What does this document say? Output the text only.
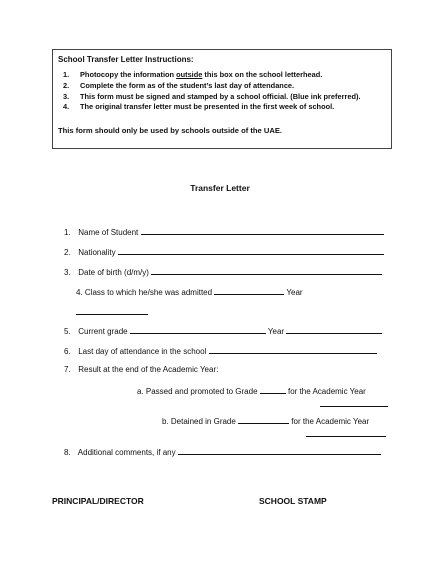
School Transfer Letter Instructions:
1. Photocopy the information outside this box on the school letterhead.
2. Complete the form as of the student’s last day of attendance.
3. This form must be signed and stamped by a school official. (Blue ink preferred).
4. The original transfer letter must be presented in the first week of school.
This form should only be used by schools outside of the UAE.
Transfer Letter
1. Name of Student
2. Nationality
3. Date of birth (d/m/y)
4. Class to which he/she was admitted	Year
5. Current grade	Year
6. Last day of attendance in the school
7. Result at the end of the Academic Year:
a. Passed and promoted to Grade	for the Academic Year
b. Detained in Grade	for the Academic Year
8. Additional comments, if any
PRINCIPAL/DIRECTOR	SCHOOL STAMP
